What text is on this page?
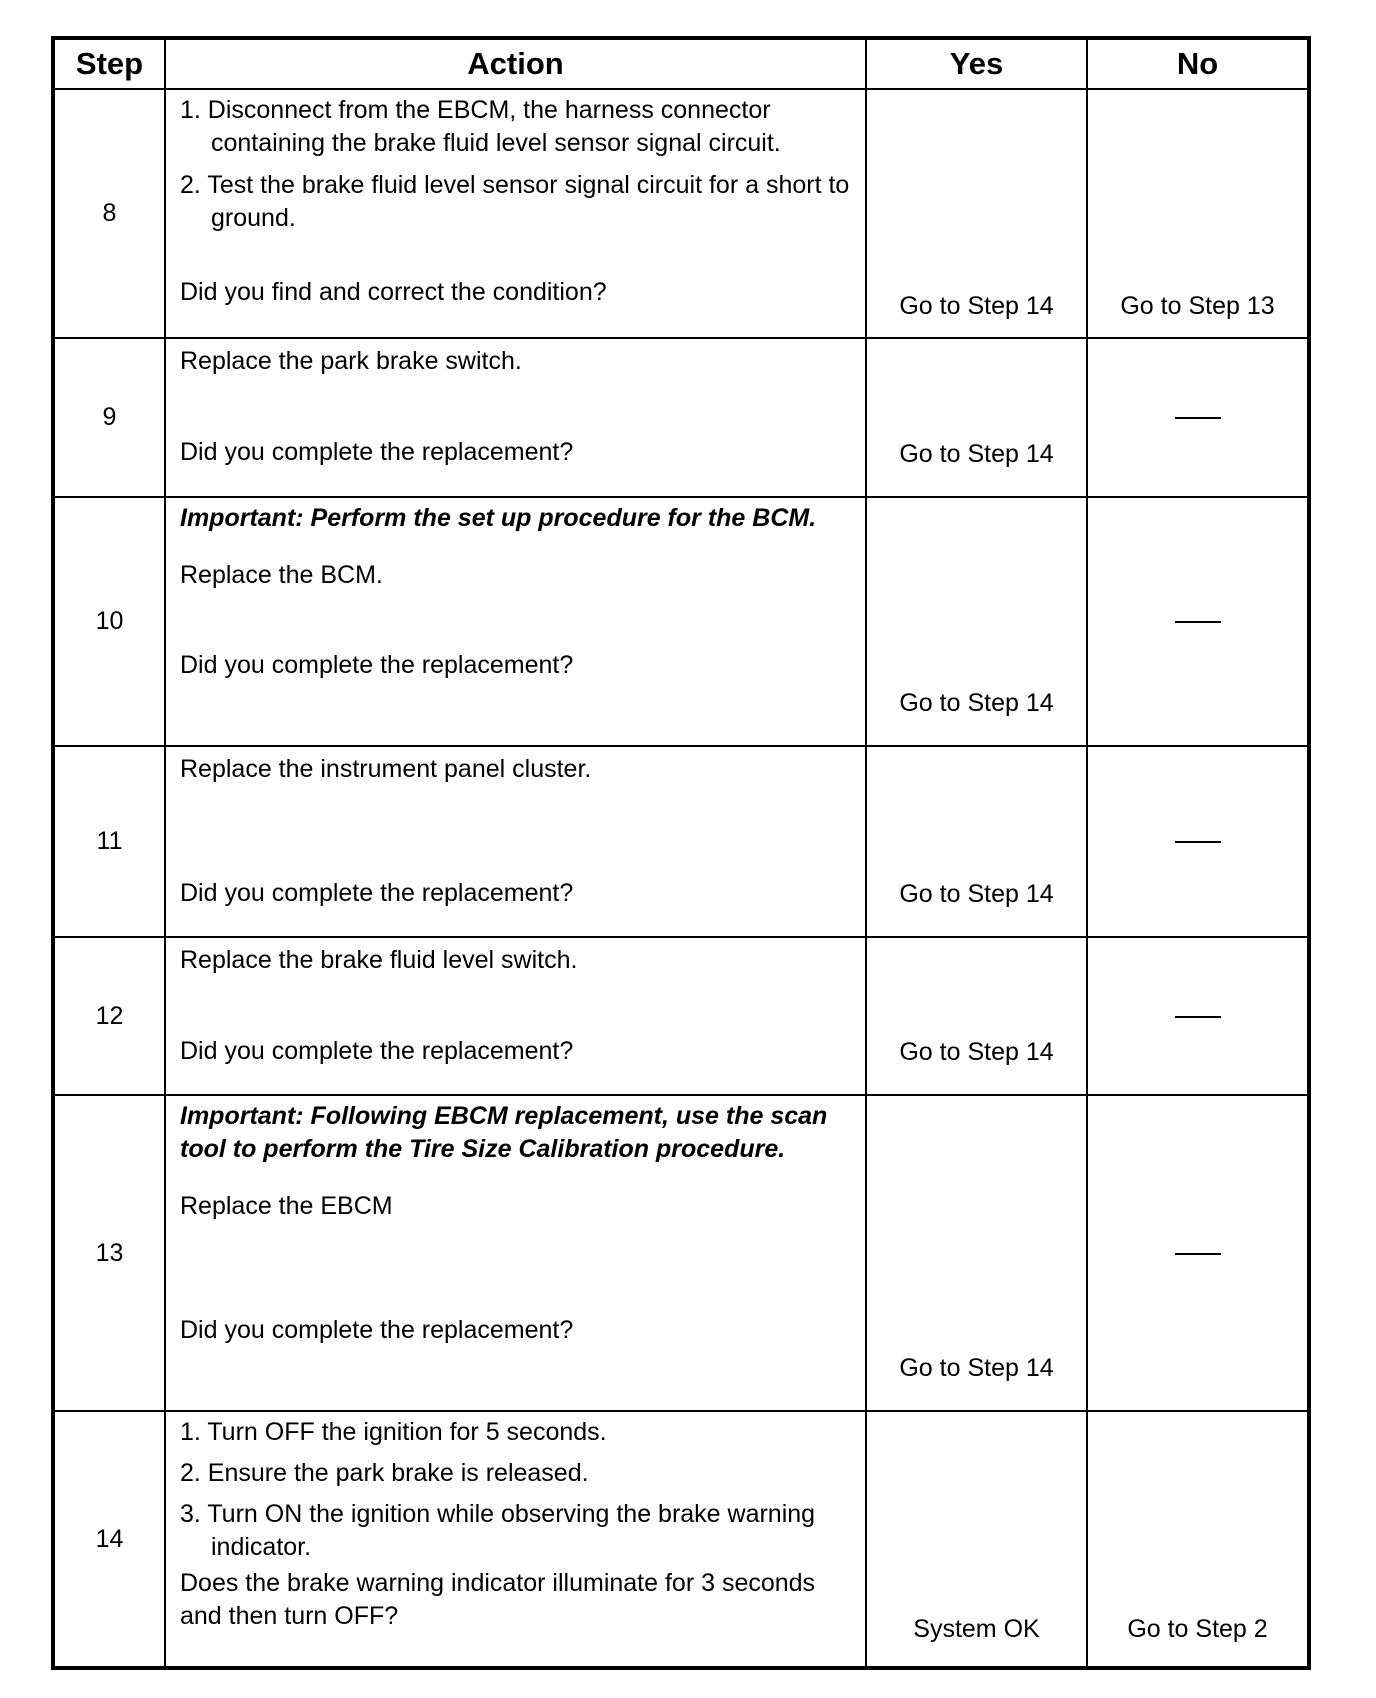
Step	Action	Yes	No
8	1. Disconnect from the EBCM, the harness connector containing the brake fluid level sensor signal circuit.
2. Test the brake fluid level sensor signal circuit for a short to ground.
Did you find and correct the condition?	Go to Step 14	Go to Step 13
9	Replace the park brake switch.
Did you complete the replacement?	Go to Step 14	
10	Important: Perform the set up procedure for the BCM.
Replace the BCM.
Did you complete the replacement?	Go to Step 14	
11	Replace the instrument panel cluster.
Did you complete the replacement?	Go to Step 14	
12	Replace the brake fluid level switch.
Did you complete the replacement?	Go to Step 14	
13	Important: Following EBCM replacement, use the scan tool to perform the Tire Size Calibration procedure.
Replace the EBCM
Did you complete the replacement?	Go to Step 14	
14	1. Turn OFF the ignition for 5 seconds.
2. Ensure the park brake is released.
3. Turn ON the ignition while observing the brake warning indicator.
Does the brake warning indicator illuminate for 3 seconds and then turn OFF?	System OK	Go to Step 2
